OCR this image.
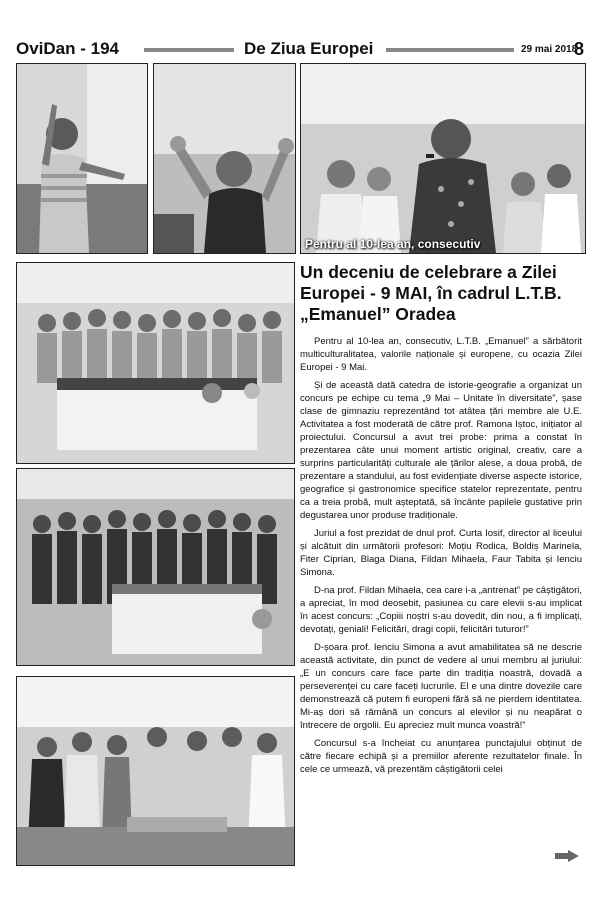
OviDan - 194	De Ziua Europei	29 mai 2018
8
Pentru al 10-lea an, consecutiv
Un deceniu de celebrare a Zilei Europei - 9 MAI, în cadrul L.T.B. „Emanuel” Oradea

Pentru al 10-lea an, consecutiv, L.T.B. „Emanuel” a sărbătorit multiculturalitatea, valorile naționale și europene, cu ocazia Zilei Europei - 9 Mai.

Și de această dată catedra de istorie-geografie a organizat un concurs pe echipe cu tema „9 Mai – Unitate în diversitate”, șase clase de gimnaziu reprezentând tot atâtea țări membre ale U.E. Activitatea a fost moderată de către prof. Ramona Iștoc, inițiator al proiectului. Concursul a avut trei probe: prima a constat în prezentarea câte unui moment artistic original, creativ, care a surprins particularități culturale ale țărilor alese, a doua probă, de prezentare a standului, au fost evidențiate diverse aspecte istorice, geografice și gastronomice specifice statelor reprezentate, pentru ca a treia probă, mult așteptată, să încânte papilele gustative prin degustarea unor produse tradiționale.

Juriul a fost prezidat de dnul prof. Curta Iosif, director al liceului și alcătuit din următorii profesori: Moțiu Rodica, Boldiș Marinela, Fiter Ciprian, Blaga Diana, Fildan Mihaela, Faur Tabita și Ienciu Simona.

D-na prof. Fildan Mihaela, cea care i-a „antrenat” pe câștigători, a apreciat, în mod deosebit, pasiunea cu care elevii s-au implicat în acest concurs: „Copiii noștri s-au dovedit, din nou, a fi implicați, devotați, geniali! Felicitări, dragi copii, felicitări tuturor!”

D-șoara prof. Ienciu Simona a avut amabilitatea să ne descrie această activitate, din punct de vedere al unui membru al juriului: „E un concurs care face parte din tradiția noastră, dovadă a perseverenței cu care faceți lucrurile. El e una dintre dovezile care demonstrează că putem fi europeni fără să ne pierdem identitatea. Mi-aș dori să rămână un concurs al elevilor și nu neapărat o întrecere de orgolii. Eu apreciez mult munca voastră!”

Concursul s-a încheiat cu anunțarea punctajului obținut de către fiecare echipă și a premiilor aferente rezultatelor finale. În cele ce urmează, vă prezentăm câștigătorii celei
